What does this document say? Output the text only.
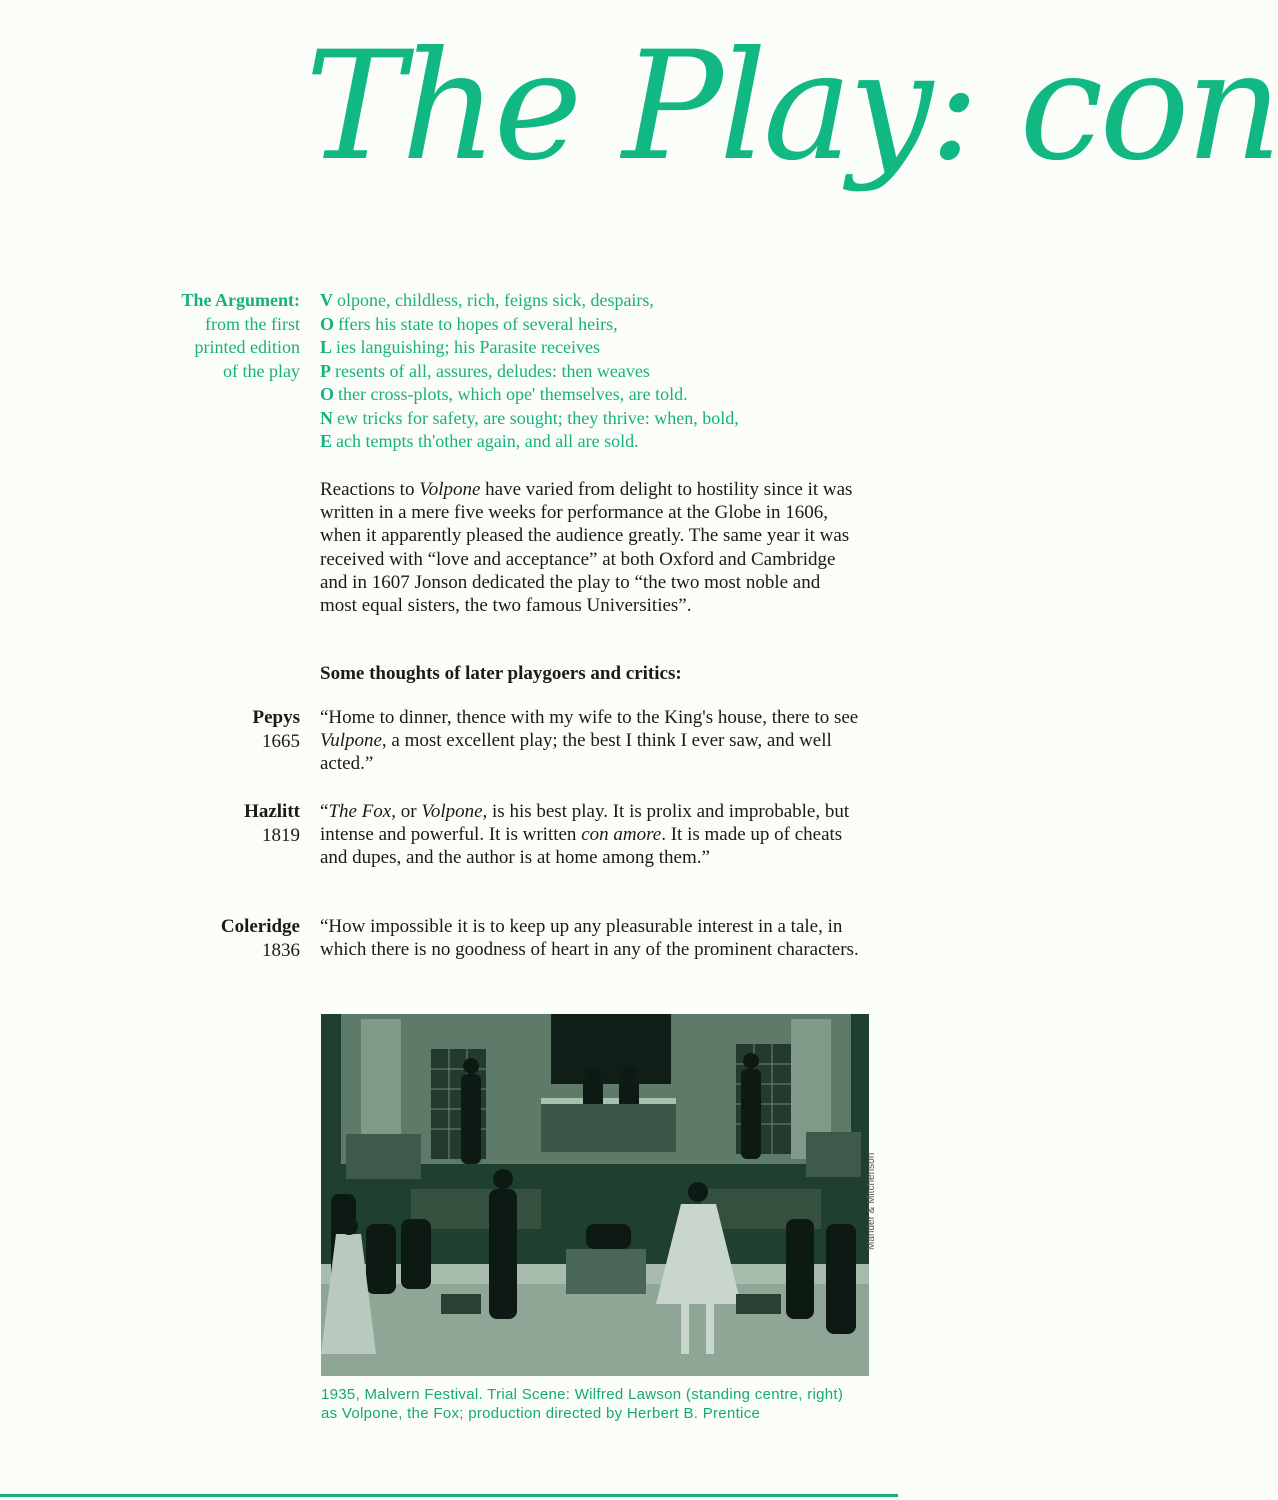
The Play: con
The Argument:
from the first
printed edition
of the play
V olpone, childless, rich, feigns sick, despairs,
O ffers his state to hopes of several heirs,
L ies languishing; his Parasite receives
P resents of all, assures, deludes: then weaves
O ther cross-plots, which ope' themselves, are told.
N ew tricks for safety, are sought; they thrive: when, bold,
E ach tempts th'other again, and all are sold.
Reactions to Volpone have varied from delight to hostility since it was written in a mere five weeks for performance at the Globe in 1606, when it apparently pleased the audience greatly. The same year it was received with “love and acceptance” at both Oxford and Cambridge and in 1607 Jonson dedicated the play to “the two most noble and most equal sisters, the two famous Universities”.
Some thoughts of later playgoers and critics:
Pepys
1665
“Home to dinner, thence with my wife to the King's house, there to see Vulpone, a most excellent play; the best I think I ever saw, and well acted.”
Hazlitt
1819
“The Fox, or Volpone, is his best play. It is prolix and improbable, but intense and powerful. It is written con amore. It is made up of cheats and dupes, and the author is at home among them.”
Coleridge
1836
“How impossible it is to keep up any pleasurable interest in a tale, in which there is no goodness of heart in any of the prominent characters.
Mander & Mitchenson
1935, Malvern Festival. Trial Scene: Wilfred Lawson (standing centre, right) as Volpone, the Fox; production directed by Herbert B. Prentice
